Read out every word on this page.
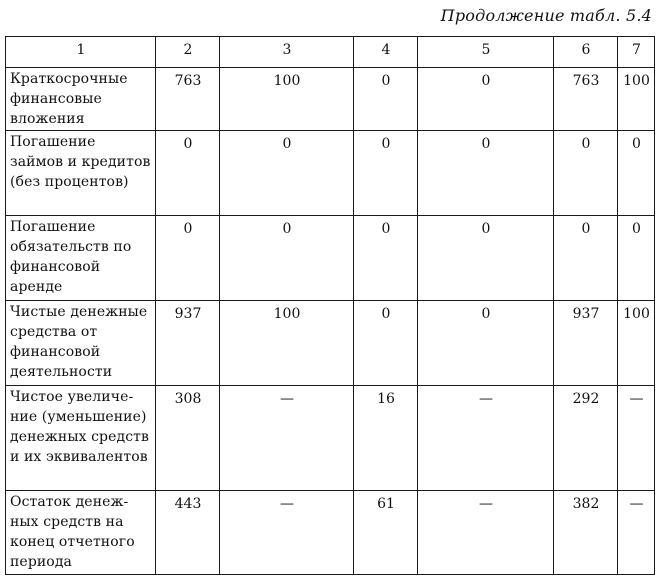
Продолжение табл. 5.4
1	2	3	4	5	6	7
Краткосрочные финансовые вложения	763	100	0	0	763	100
Погашение займов и кредитов (без процентов)	0	0	0	0	0	0
Погашение обязательств по финансовой аренде	0	0	0	0	0	0
Чистые денежные средства от финансовой деятельности	937	100	0	0	937	100
Чистое увеличение (уменьшение) денежных средств и их эквивалентов	308	—	16	—	292	—
Остаток денежных средств на конец отчетного периода	443	—	61	—	382	—
